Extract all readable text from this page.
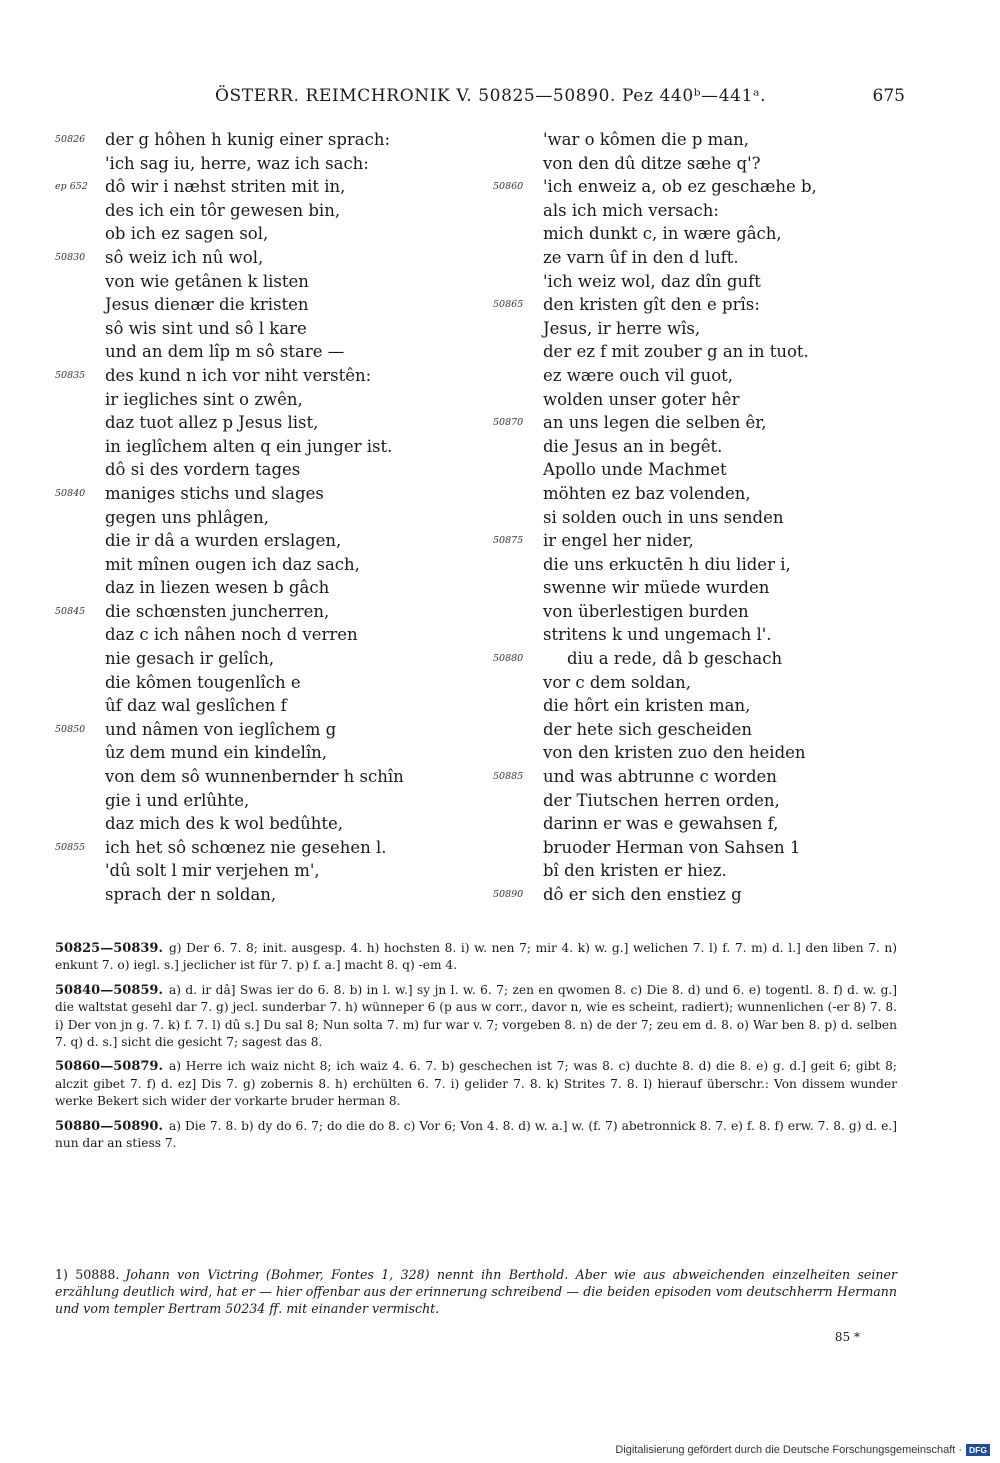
ÖSTERR. REIMCHRONIK V. 50825—50890. Pez 440ᵇ—441ᵃ.	675
50826	der g hôhen h kunig einer sprach:
'ich sag iu, herre, waz ich sach:
ep 652	dô wir i næhst striten mit in,
des ich ein tôr gewesen bin,
ob ich ez sagen sol,
50830	sô weiz ich nû wol,
von wie getânen k listen
Jesus dienær die kristen
sô wis sint und sô l kare
und an dem lîp m sô stare —
50835	des kund n ich vor niht verstên:
ir iegliches sint o zwên,
daz tuot allez p Jesus list,
in ieglîchem alten q ein junger ist.
dô si des vordern tages
50840	maniges stichs und slages
gegen uns phlâgen,
die ir dâ a wurden erslagen,
mit mînen ougen ich daz sach,
daz in liezen wesen b gâch
50845	die schœnsten juncherren,
daz c ich nâhen noch d verren
nie gesach ir gelîch,
die kômen tougenlîch e
ûf daz wal geslîchen f
50850	und nâmen von ieglîchem g
ûz dem mund ein kindelîn,
von dem sô wunnenbernder h schîn
gie i und erlûhte,
daz mich des k wol bedûhte,
50855	ich het sô schœnez nie gesehen l.
'dû solt l mir verjehen m',
sprach der n soldan,
'war o kômen die p man,
von den dû ditze sæhe q'?
50860	'ich enweiz a, ob ez geschæhe b,
als ich mich versach:
mich dunkt c, in wære gâch,
ze varn ûf in den d luft.
'ich weiz wol, daz dîn guft
50865	den kristen gît den e prîs:
Jesus, ir herre wîs,
der ez f mit zouber g an in tuot.
ez wære ouch vil guot,
wolden unser goter hêr
50870	an uns legen die selben êr,
die Jesus an in begêt.
Apollo unde Machmet
möhten ez baz volenden,
si solden ouch in uns senden
50875	ir engel her nider,
die uns erkuctēn h diu lider i,
swenne wir müede wurden
von überlestigen burden
stritens k und ungemach l'.
50880	diu a rede, dâ b geschach
vor c dem soldan,
die hôrt ein kristen man,
der hete sich gescheiden
von den kristen zuo den heiden
50885	und was abtrunne c worden
der Tiutschen herren orden,
darinn er was e gewahsen f,
bruoder Herman von Sahsen 1
bî den kristen er hiez.
50890	dô er sich den enstiez g
50825—50839. g) Der 6. 7. 8; init. ausgesp. 4. h) hochsten 8. i) w. nen 7; mir 4. k) w. g.] welichen 7. l) f. 7. m) d. l.] den liben 7. n) enkunt 7. o) iegl. s.] jeclicher ist für 7. p) f. a.] macht 8. q) -em 4.
50840—50859. a) d. ir dâ] Swas ier do 6. 8. b) in l. w.] sy jn l. w. 6. 7; zen en qwomen 8. c) Die 8. d) und 6. e) togentl. 8. f) d. w. g.] die waltstat gesehl dar 7. g) jecl. sunderbar 7. h) wünneper 6 (p aus w corr., davor n, wie es scheint, radiert); wunnenlichen (-er 8) 7. 8. i) Der von jn g. 7. k) f. 7. l) dû s.] Du sal 8; Nun solta 7. m) fur war v. 7; vorgeben 8. n) de der 7; zeu em d. 8. o) War ben 8. p) d. selben 7. q) d. s.] sicht die gesicht 7; sagest das 8.
50860—50879. a) Herre ich waiz nicht 8; ich waiz 4. 6. 7. b) geschechen ist 7; was 8. c) duchte 8. d) die 8. e) g. d.] geit 6; gibt 8; alczit gibet 7. f) d. ez] Dis 7. g) zobernis 8. h) erchülten 6. 7. i) gelider 7. 8. k) Strites 7. 8. l) hierauf überschr.: Von dissem wunder werke Bekert sich wider der vorkarte bruder herman 8.
50880—50890. a) Die 7. 8. b) dy do 6. 7; do die do 8. c) Vor 6; Von 4. 8. d) w. a.] w. (f. 7) abetronnick 8. 7. e) f. 8. f) erw. 7. 8. g) d. e.] nun dar an stiess 7.
1) 50888. Johann von Victring (Bohmer, Fontes 1, 328) nennt ihn Berthold. Aber wie aus abweichenden einzelheiten seiner erzählung deutlich wird, hat er — hier offenbar aus der erinnerung schreibend — die beiden episoden vom deutschherrn Hermann und vom templer Bertram 50234 ff. mit einander vermischt.
85 *
Digitalisierung gefördert durch die Deutsche Forschungsgemeinschaft · DFG
